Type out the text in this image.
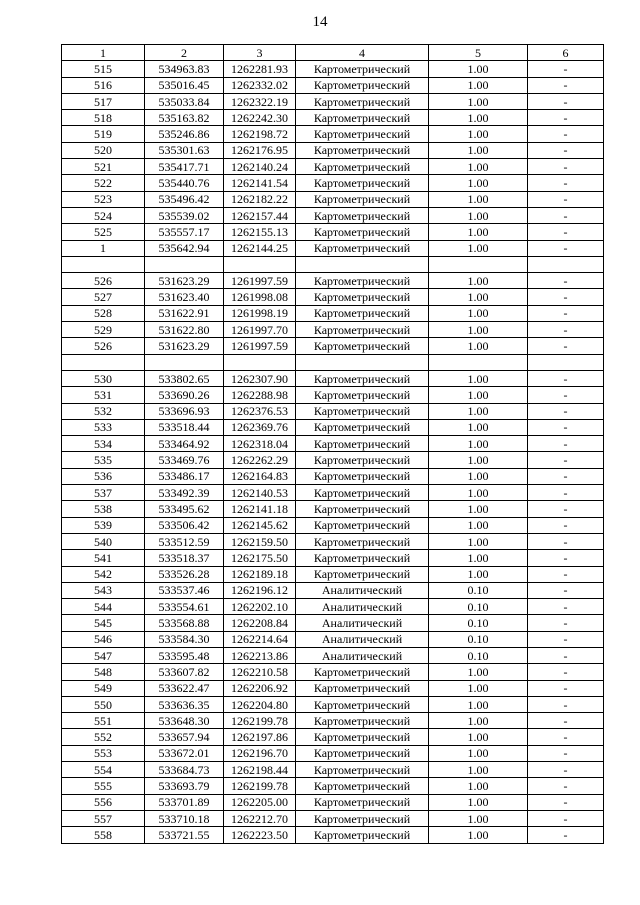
14
1	2	3	4	5	6
515	534963.83	1262281.93	Картометрический	1.00	-
516	535016.45	1262332.02	Картометрический	1.00	-
517	535033.84	1262322.19	Картометрический	1.00	-
518	535163.82	1262242.30	Картометрический	1.00	-
519	535246.86	1262198.72	Картометрический	1.00	-
520	535301.63	1262176.95	Картометрический	1.00	-
521	535417.71	1262140.24	Картометрический	1.00	-
522	535440.76	1262141.54	Картометрический	1.00	-
523	535496.42	1262182.22	Картометрический	1.00	-
524	535539.02	1262157.44	Картометрический	1.00	-
525	535557.17	1262155.13	Картометрический	1.00	-
1	535642.94	1262144.25	Картометрический	1.00	-

526	531623.29	1261997.59	Картометрический	1.00	-
527	531623.40	1261998.08	Картометрический	1.00	-
528	531622.91	1261998.19	Картометрический	1.00	-
529	531622.80	1261997.70	Картометрический	1.00	-
526	531623.29	1261997.59	Картометрический	1.00	-

530	533802.65	1262307.90	Картометрический	1.00	-
531	533690.26	1262288.98	Картометрический	1.00	-
532	533696.93	1262376.53	Картометрический	1.00	-
533	533518.44	1262369.76	Картометрический	1.00	-
534	533464.92	1262318.04	Картометрический	1.00	-
535	533469.76	1262262.29	Картометрический	1.00	-
536	533486.17	1262164.83	Картометрический	1.00	-
537	533492.39	1262140.53	Картометрический	1.00	-
538	533495.62	1262141.18	Картометрический	1.00	-
539	533506.42	1262145.62	Картометрический	1.00	-
540	533512.59	1262159.50	Картометрический	1.00	-
541	533518.37	1262175.50	Картометрический	1.00	-
542	533526.28	1262189.18	Картометрический	1.00	-
543	533537.46	1262196.12	Аналитический	0.10	-
544	533554.61	1262202.10	Аналитический	0.10	-
545	533568.88	1262208.84	Аналитический	0.10	-
546	533584.30	1262214.64	Аналитический	0.10	-
547	533595.48	1262213.86	Аналитический	0.10	-
548	533607.82	1262210.58	Картометрический	1.00	-
549	533622.47	1262206.92	Картометрический	1.00	-
550	533636.35	1262204.80	Картометрический	1.00	-
551	533648.30	1262199.78	Картометрический	1.00	-
552	533657.94	1262197.86	Картометрический	1.00	-
553	533672.01	1262196.70	Картометрический	1.00	-
554	533684.73	1262198.44	Картометрический	1.00	-
555	533693.79	1262199.78	Картометрический	1.00	-
556	533701.89	1262205.00	Картометрический	1.00	-
557	533710.18	1262212.70	Картометрический	1.00	-
558	533721.55	1262223.50	Картометрический	1.00	-
